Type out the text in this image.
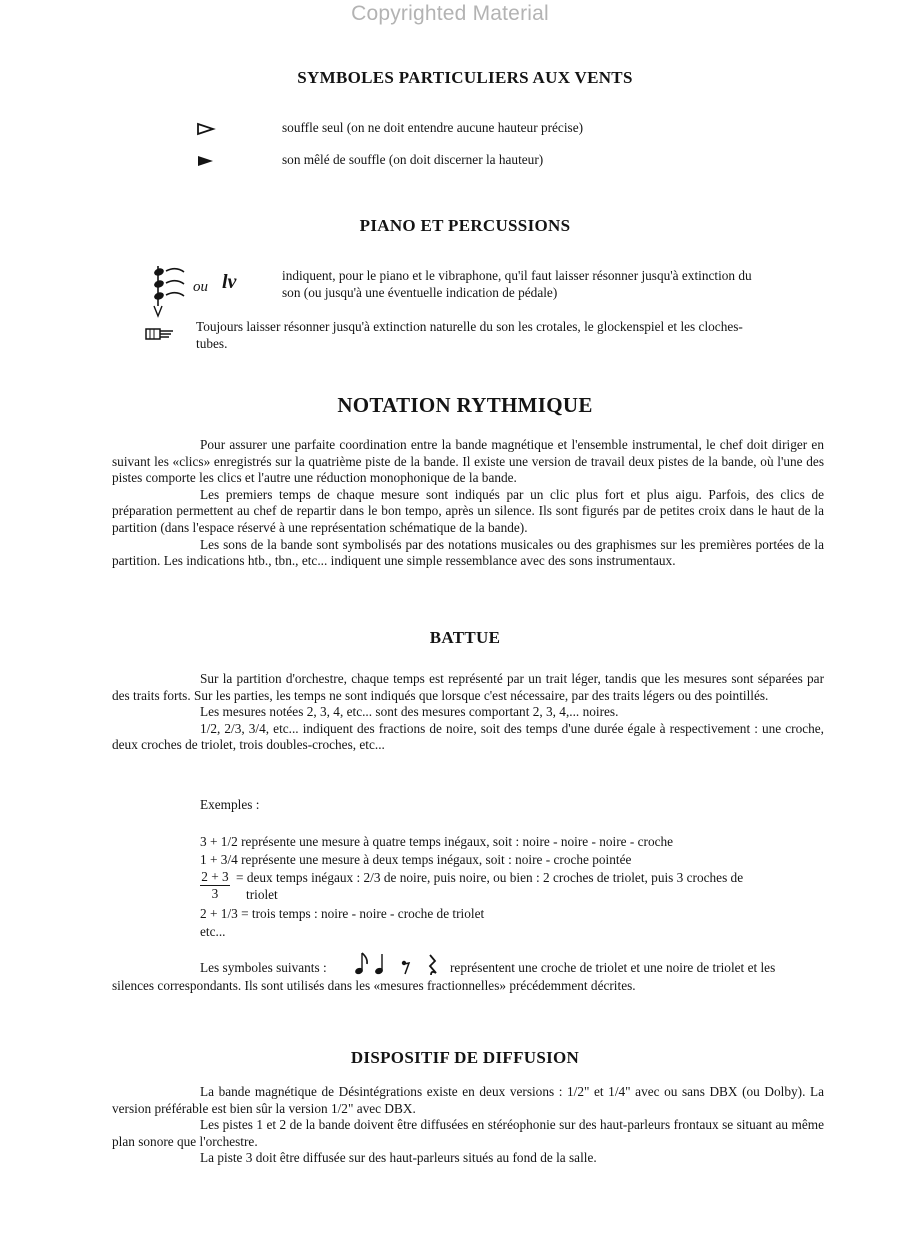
Copyrighted Material
SYMBOLES PARTICULIERS AUX VENTS
souffle seul (on ne doit entendre aucune hauteur précise)
son mêlé de souffle (on doit discerner la hauteur)
PIANO ET PERCUSSIONS
ou lv	indiquent, pour le piano et le vibraphone, qu'il faut laisser résonner jusqu'à extinction du
son (ou jusqu'à une éventuelle indication de pédale)
Toujours laisser résonner jusqu'à extinction naturelle du son les crotales, le glockenspiel et les cloches-
tubes.
NOTATION RYTHMIQUE

Pour assurer une parfaite coordination entre la bande magnétique et l'ensemble instrumental, le chef doit diriger en suivant les «clics» enregistrés sur la quatrième piste de la bande. Il existe une version de travail deux pistes de la bande, où l'une des pistes comporte les clics et l'autre une réduction monophonique de la bande.

Les premiers temps de chaque mesure sont indiqués par un clic plus fort et plus aigu. Parfois, des clics de préparation permettent au chef de repartir dans le bon tempo, après un silence. Ils sont figurés par de petites croix dans le haut de la partition (dans l'espace réservé à une représentation schématique de la bande).

Les sons de la bande sont symbolisés par des notations musicales ou des graphismes sur les premières portées de la partition. Les indications htb., tbn., etc... indiquent une simple ressemblance avec des sons instrumentaux.

BATTUE

Sur la partition d'orchestre, chaque temps est représenté par un trait léger, tandis que les mesures sont séparées par des traits forts. Sur les parties, les temps ne sont indiqués que lorsque c'est nécessaire, par des traits légers ou des pointillés.

Les mesures notées 2, 3, 4, etc... sont des mesures comportant 2, 3, 4,... noires.

1/2, 2/3, 3/4, etc... indiquent des fractions de noire, soit des temps d'une durée égale à respectivement : une croche, deux croches de triolet, trois doubles-croches, etc...

Exemples :
3 + 1/2 représente une mesure à quatre temps inégaux, soit : noire - noire - noire - croche
1 + 3/4 représente une mesure à deux temps inégaux, soit : noire - croche pointée
$\frac{2 + 3}{3}$ = deux temps inégaux : 2/3 de noire, puis noire, ou bien : 2 croches de triolet, puis 3 croches de
triolet
2 + 1/3 = trois temps : noire - noire - croche de triolet
etc...
Les symboles suivants :	représentent une croche de triolet et une noire de triolet et les
silences correspondants. Ils sont utilisés dans les «mesures fractionnelles» précédemment décrites.
DISPOSITIF DE DIFFUSION

La bande magnétique de Désintégrations existe en deux versions : 1/2" et 1/4" avec ou sans DBX (ou Dolby). La version préférable est bien sûr la version 1/2" avec DBX.

Les pistes 1 et 2 de la bande doivent être diffusées en stéréophonie sur des haut-parleurs frontaux se situant au même plan sonore que l'orchestre.

La piste 3 doit être diffusée sur des haut-parleurs situés au fond de la salle.
